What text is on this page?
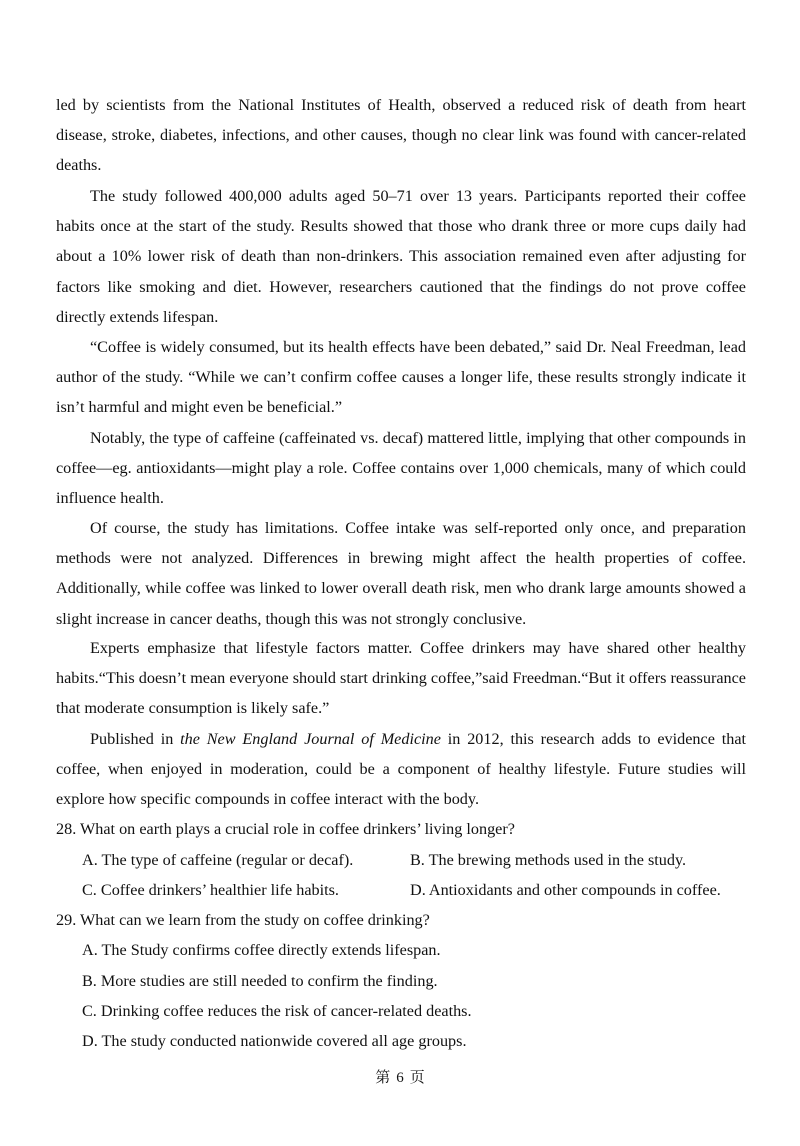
led by scientists from the National Institutes of Health, observed a reduced risk of death from heart disease, stroke, diabetes, infections, and other causes, though no clear link was found with cancer-related deaths.

The study followed 400,000 adults aged 50–71 over 13 years. Participants reported their coffee habits once at the start of the study. Results showed that those who drank three or more cups daily had about a 10% lower risk of death than non-drinkers. This association remained even after adjusting for factors like smoking and diet. However, researchers cautioned that the findings do not prove coffee directly extends lifespan.

“Coffee is widely consumed, but its health effects have been debated,” said Dr. Neal Freedman, lead author of the study. “While we can’t confirm coffee causes a longer life, these results strongly indicate it isn’t harmful and might even be beneficial.”

Notably, the type of caffeine (caffeinated vs. decaf) mattered little, implying that other compounds in coffee—eg. antioxidants—might play a role. Coffee contains over 1,000 chemicals, many of which could influence health.

Of course, the study has limitations. Coffee intake was self-reported only once, and preparation methods were not analyzed. Differences in brewing might affect the health properties of coffee. Additionally, while coffee was linked to lower overall death risk, men who drank large amounts showed a slight increase in cancer deaths, though this was not strongly conclusive.

Experts emphasize that lifestyle factors matter. Coffee drinkers may have shared other healthy habits.“This doesn’t mean everyone should start drinking coffee,”said Freedman.“But it offers reassurance that moderate consumption is likely safe.”

Published in the New England Journal of Medicine in 2012, this research adds to evidence that coffee, when enjoyed in moderation, could be a component of healthy lifestyle. Future studies will explore how specific compounds in coffee interact with the body.

28. What on earth plays a crucial role in coffee drinkers’ living longer?
A. The type of caffeine (regular or decaf).	B. The brewing methods used in the study.
C. Coffee drinkers’ healthier life habits.	D. Antioxidants and other compounds in coffee.
29. What can we learn from the study on coffee drinking?
A. The Study confirms coffee directly extends lifespan.
B. More studies are still needed to confirm the finding.
C. Drinking coffee reduces the risk of cancer-related deaths.
D. The study conducted nationwide covered all age groups.
第 6 页
